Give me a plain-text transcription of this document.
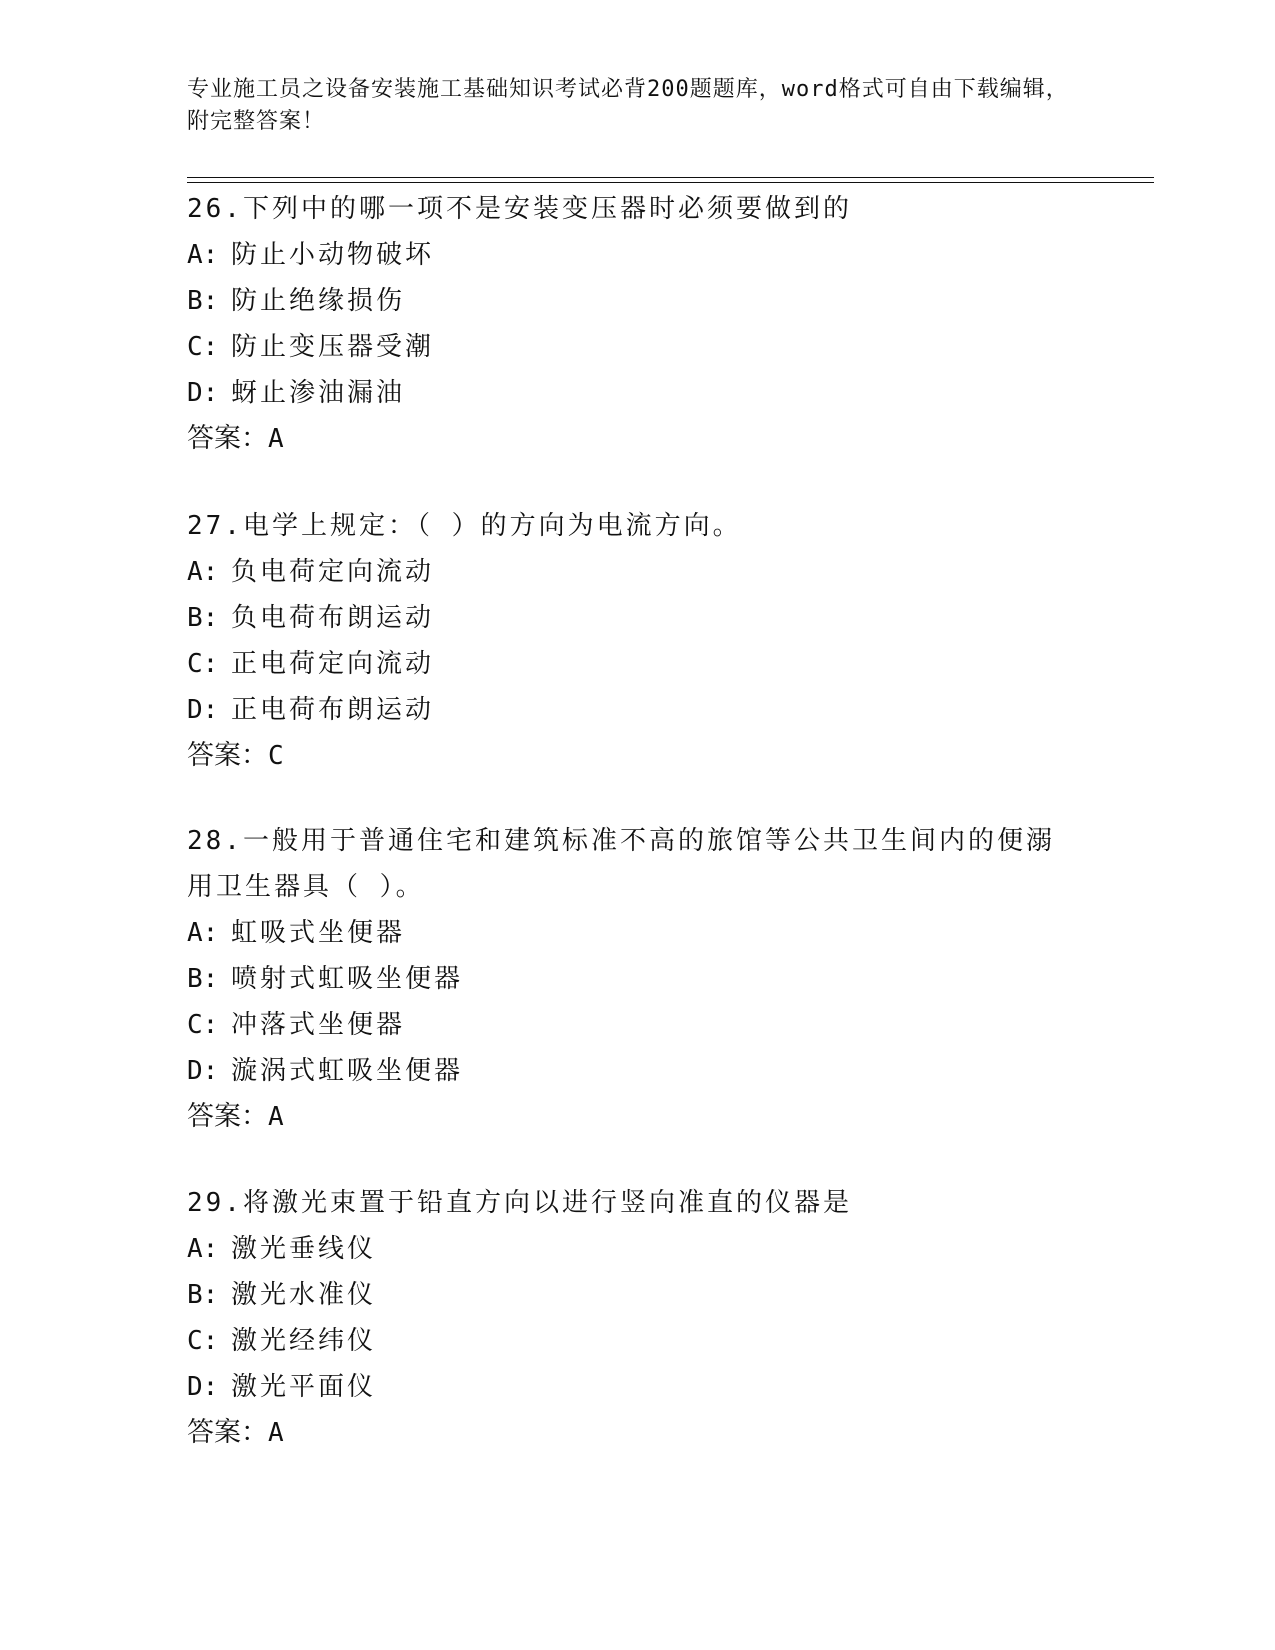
专业施工员之设备安装施工基础知识考试必背200题题库，word格式可自由下载编辑，附完整答案！
26.下列中的哪一项不是安装变压器时必须要做到的
A: 防止小动物破坏
B: 防止绝缘损伤
C: 防止变压器受潮
D: 蚜止渗油漏油
答案：A
27.电学上规定：（ ）的方向为电流方向。
A: 负电荷定向流动
B: 负电荷布朗运动
C: 正电荷定向流动
D: 正电荷布朗运动
答案：C
28.一般用于普通住宅和建筑标准不高的旅馆等公共卫生间内的便溺用卫生器具（ ）。
A: 虹吸式坐便器
B: 喷射式虹吸坐便器
C: 冲落式坐便器
D: 漩涡式虹吸坐便器
答案：A
29.将激光束置于铅直方向以进行竖向准直的仪器是
A: 激光垂线仪
B: 激光水准仪
C: 激光经纬仪
D: 激光平面仪
答案：A
